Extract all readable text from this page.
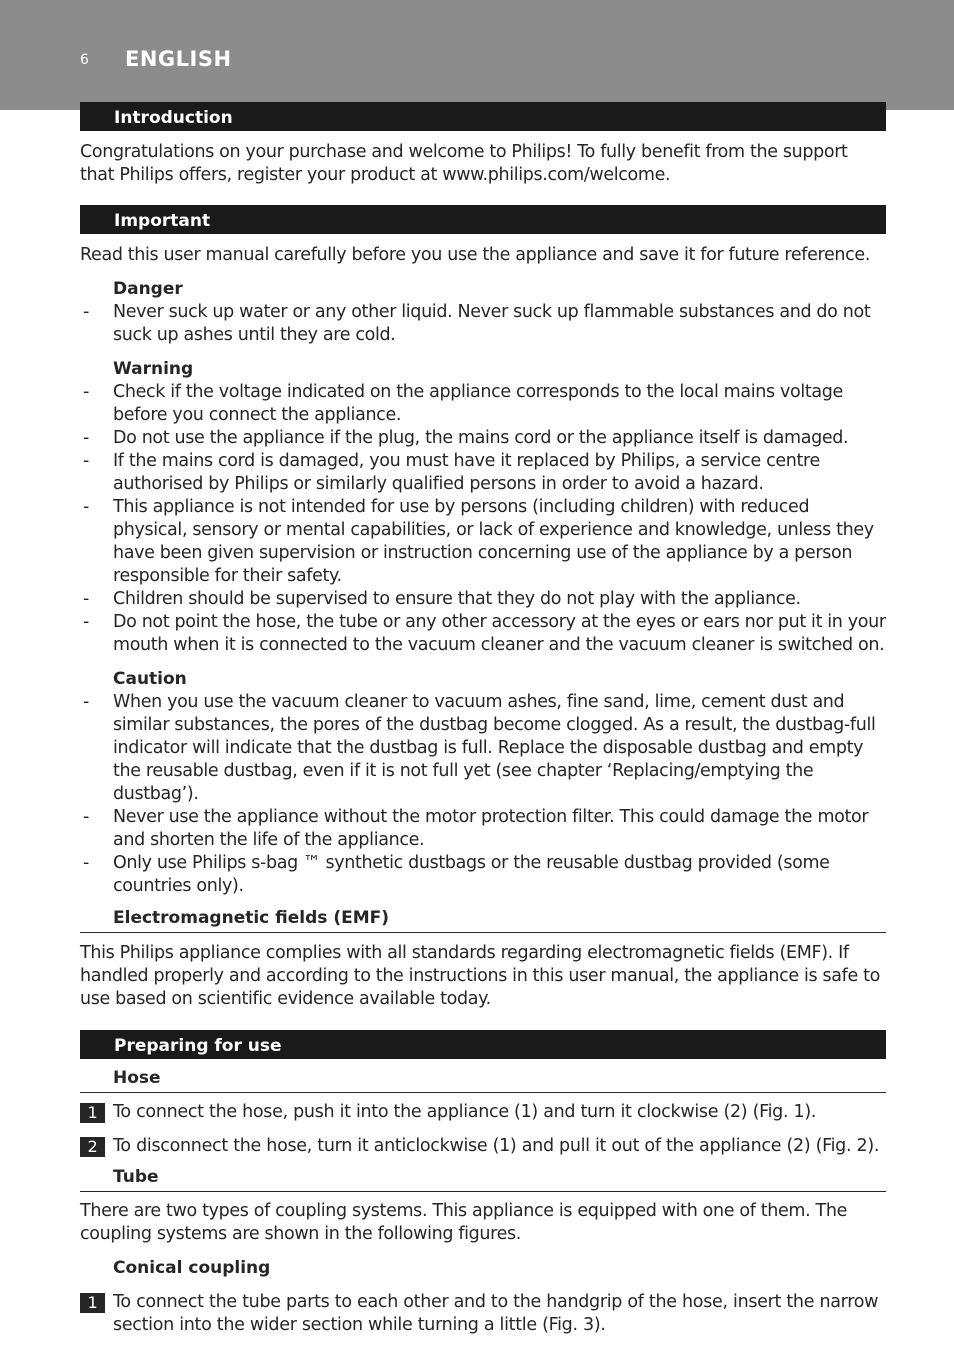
6 ENGLISH
Introduction

Congratulations on your purchase and welcome to Philips! To fully benefit from the support that Philips offers, register your product at www.philips.com/welcome.

Important

Read this user manual carefully before you use the appliance and save it for future reference.

Danger
- Never suck up water or any other liquid. Never suck up flammable substances and do not suck up ashes until they are cold.
Warning
- Check if the voltage indicated on the appliance corresponds to the local mains voltage before you connect the appliance.
- Do not use the appliance if the plug, the mains cord or the appliance itself is damaged.
- If the mains cord is damaged, you must have it replaced by Philips, a service centre authorised by Philips or similarly qualified persons in order to avoid a hazard.
- This appliance is not intended for use by persons (including children) with reduced physical, sensory or mental capabilities, or lack of experience and knowledge, unless they have been given supervision or instruction concerning use of the appliance by a person responsible for their safety.
- Children should be supervised to ensure that they do not play with the appliance.
- Do not point the hose, the tube or any other accessory at the eyes or ears nor put it in your mouth when it is connected to the vacuum cleaner and the vacuum cleaner is switched on.
Caution
- When you use the vacuum cleaner to vacuum ashes, fine sand, lime, cement dust and similar substances, the pores of the dustbag become clogged. As a result, the dustbag-full indicator will indicate that the dustbag is full. Replace the disposable dustbag and empty the reusable dustbag, even if it is not full yet (see chapter ‘Replacing/emptying the dustbag’).
- Never use the appliance without the motor protection filter. This could damage the motor and shorten the life of the appliance.
- Only use Philips s-bag ™ synthetic dustbags or the reusable dustbag provided (some countries only).
Electromagnetic fields (EMF)

This Philips appliance complies with all standards regarding electromagnetic fields (EMF). If handled properly and according to the instructions in this user manual, the appliance is safe to use based on scientific evidence available today.

Preparing for use
Hose
1 To connect the hose, push it into the appliance (1) and turn it clockwise (2) (Fig. 1).
2 To disconnect the hose, turn it anticlockwise (1) and pull it out of the appliance (2) (Fig. 2).
Tube

There are two types of coupling systems. This appliance is equipped with one of them. The coupling systems are shown in the following figures.

Conical coupling
1 To connect the tube parts to each other and to the handgrip of the hose, insert the narrow section into the wider section while turning a little (Fig. 3).
